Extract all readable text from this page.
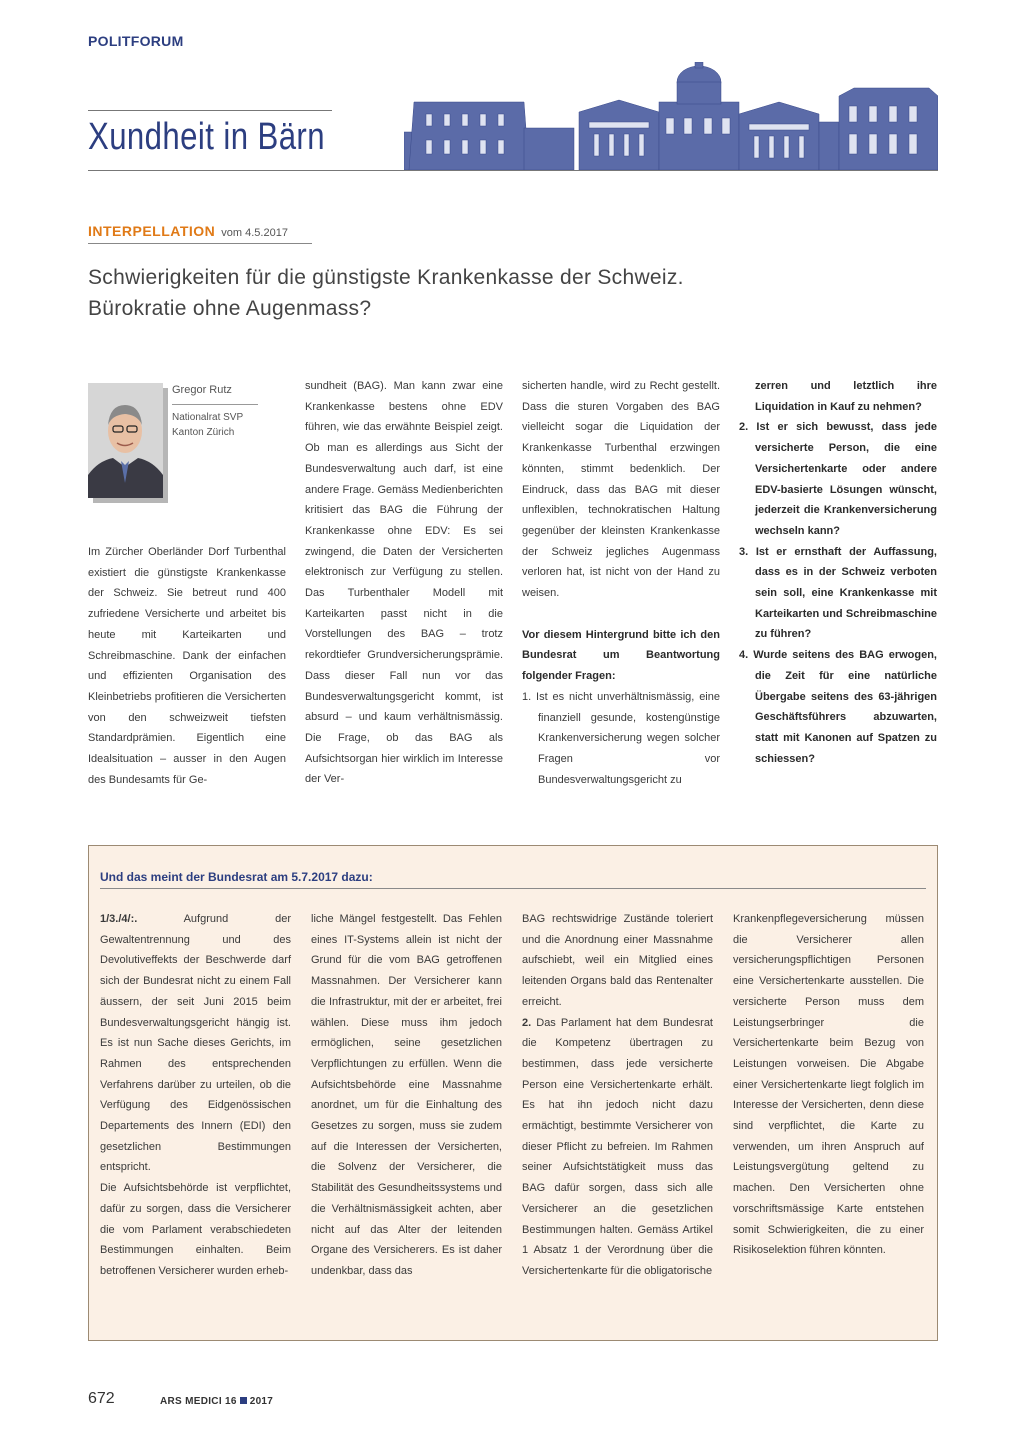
POLITFORUM
Xundheit in Bärn
INTERPELLATION vom 4.5.2017
Schwierigkeiten für die günstigste Krankenkasse der Schweiz.
Bürokratie ohne Augenmass?
Gregor Rutz
Nationalrat SVP
Kanton Zürich

Im Zürcher Oberländer Dorf Turbenthal existiert die günstigste Krankenkasse der Schweiz. Sie betreut rund 400 zufriedene Versicherte und arbeitet bis heute mit Karteikarten und Schreibmaschine. Dank der einfachen und effizienten Organisation des Kleinbetriebs profitieren die Versicherten von den schweizweit tiefsten Standardprämien. Eigentlich eine Idealsituation – ausser in den Augen des Bundesamts für Ge-

sundheit (BAG). Man kann zwar eine Krankenkasse bestens ohne EDV führen, wie das erwähnte Beispiel zeigt. Ob man es allerdings aus Sicht der Bundesverwaltung auch darf, ist eine andere Frage. Gemäss Medienberichten kritisiert das BAG die Führung der Krankenkasse ohne EDV: Es sei zwingend, die Daten der Versicherten elektronisch zur Verfügung zu stellen. Das Turbenthaler Modell mit Karteikarten passt nicht in die Vorstellungen des BAG – trotz rekordtiefer Grundversicherungsprämie. Dass dieser Fall nun vor das Bundesverwaltungsgericht kommt, ist absurd – und kaum verhältnismässig. Die Frage, ob das BAG als Aufsichtsorgan hier wirklich im Interesse der Ver-

sicherten handle, wird zu Recht gestellt. Dass die sturen Vorgaben des BAG vielleicht sogar die Liquidation der Krankenkasse Turbenthal erzwingen könnten, stimmt bedenklich. Der Eindruck, dass das BAG mit dieser unflexiblen, technokratischen Haltung gegenüber der kleinsten Krankenkasse der Schweiz jegliches Augenmass verloren hat, ist nicht von der Hand zu weisen.

Vor diesem Hintergrund bitte ich den Bundesrat um Beantwortung folgender Fragen:

1. Ist es nicht unverhältnismässig, eine finanziell gesunde, kostengünstige Krankenversicherung wegen solcher Fragen vor Bundesverwaltungsgericht zu
zerren und letztlich ihre Liquidation in Kauf zu nehmen?
2. Ist er sich bewusst, dass jede versicherte Person, die eine Versichertenkarte oder andere EDV-basierte Lösungen wünscht, jederzeit die Krankenversicherung wechseln kann?
3. Ist er ernsthaft der Auffassung, dass es in der Schweiz verboten sein soll, eine Krankenkasse mit Karteikarten und Schreibmaschine zu führen?
4. Wurde seitens des BAG erwogen, die Zeit für eine natürliche Übergabe seitens des 63-jährigen Geschäftsführers abzuwarten, statt mit Kanonen auf Spatzen zu schiessen?
Und das meint der Bundesrat am 5.7.2017 dazu:

1/3./4/:.	Aufgrund der Gewaltentrennung und des Devolutiveffekts der Beschwerde darf sich der Bundesrat nicht zu einem Fall äussern, der seit Juni 2015 beim Bundesverwaltungsgericht hängig ist. Es ist nun Sache dieses Gerichts, im Rahmen des entsprechenden Verfahrens darüber zu urteilen, ob die Verfügung des Eidgenössischen Departements des Innern (EDI) den gesetzlichen Bestimmungen entspricht.

Die Aufsichtsbehörde ist verpflichtet, dafür zu sorgen, dass die Versicherer die vom Parlament verabschiedeten Bestimmungen einhalten. Beim betroffenen Versicherer wurden erheb-

liche Mängel festgestellt. Das Fehlen eines IT-Systems allein ist nicht der Grund für die vom BAG getroffenen Massnahmen. Der Versicherer kann die Infrastruktur, mit der er arbeitet, frei wählen. Diese muss ihm jedoch ermöglichen, seine gesetzlichen Verpflichtungen zu erfüllen. Wenn die Aufsichtsbehörde eine Massnahme anordnet, um für die Einhaltung des Gesetzes zu sorgen, muss sie zudem auf die Interessen der Versicherten, die Solvenz der Versicherer, die Stabilität des Gesundheitssystems und die Verhältnismässigkeit achten, aber nicht auf das Alter der leitenden Organe des Versicherers. Es ist daher undenkbar, dass das

BAG rechtswidrige Zustände toleriert und die Anordnung einer Massnahme aufschiebt, weil ein Mitglied eines leitenden Organs bald das Rentenalter erreicht.

2. Das Parlament hat dem Bundesrat die Kompetenz übertragen zu bestimmen, dass jede versicherte Person eine Versichertenkarte erhält. Es hat ihn jedoch nicht dazu ermächtigt, bestimmte Versicherer von dieser Pflicht zu befreien. Im Rahmen seiner Aufsichtstätigkeit muss das BAG dafür sorgen, dass sich alle Versicherer an die gesetzlichen Bestimmungen halten. Gemäss Artikel 1 Absatz 1 der Verordnung über die Versichertenkarte für die obligatorische

Krankenpflegeversicherung müssen die Versicherer allen versicherungspflichtigen Personen eine Versichertenkarte ausstellen. Die versicherte Person muss dem Leistungserbringer die Versichertenkarte beim Bezug von Leistungen vorweisen. Die Abgabe einer Versichertenkarte liegt folglich im Interesse der Versicherten, denn diese sind verpflichtet, die Karte zu verwenden, um ihren Anspruch auf Leistungsvergütung geltend zu machen. Den Versicherten ohne vorschriftsmässige Karte entstehen somit Schwierigkeiten, die zu einer Risikoselektion führen könnten.

672	ARS MEDICI 16 2017
